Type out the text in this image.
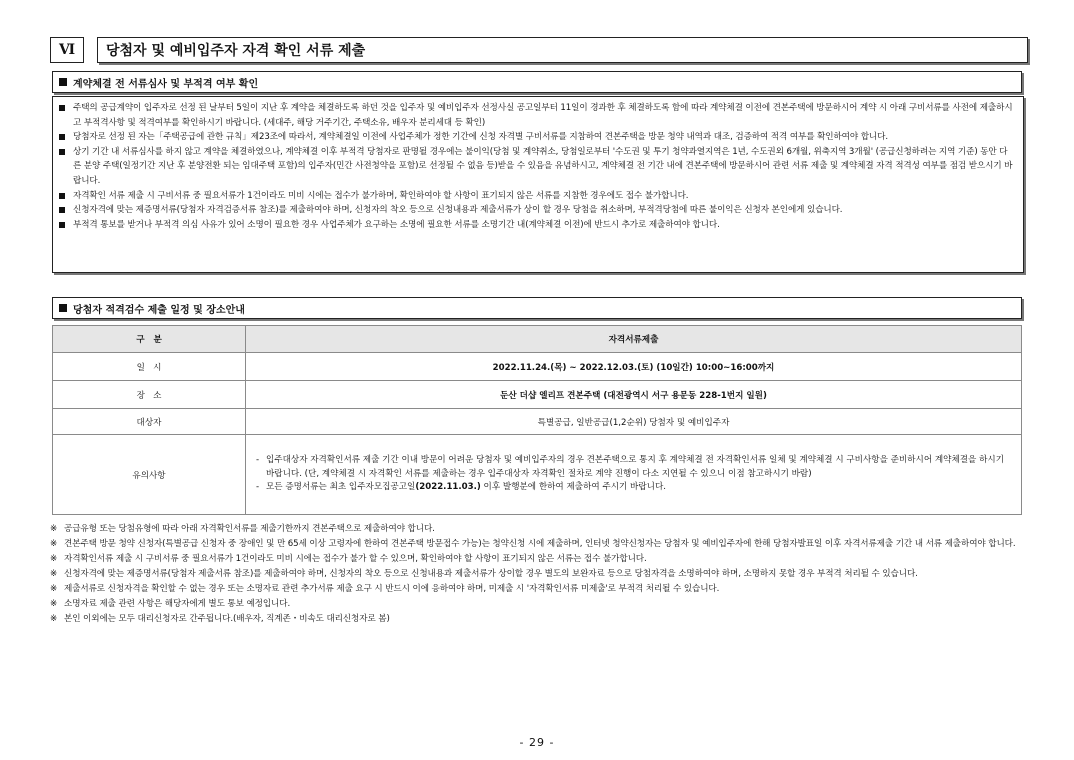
Ⅵ	당첨자 및 예비입주자 자격 확인 서류 제출
계약체결 전 서류심사 및 부적격 여부 확인
주택의 공급계약이 입주자로 선정 된 날부터 5일이 지난 후 계약을 체결하도록 하던 것을 입주자 및 예비입주자 선정사실 공고일부터 11일이 경과한 후 체결하도록 함에 따라 계약체결 이전에 견본주택에 방문하시어 계약 시 아래 구비서류를 사전에 제출하시고 부적격사항 및 적격여부를 확인하시기 바랍니다. (세대주, 해당 거주기간, 주택소유, 배우자 분리세대 등 확인)
당첨자로 선정 된 자는「주택공급에 관한 규칙」제23조에 따라서, 계약체결일 이전에 사업주체가 정한 기간에 신청 자격별 구비서류를 지참하여 견본주택을 방문 청약 내역과 대조, 검증하여 적격 여부를 확인하여야 합니다.
상기 기간 내 서류심사를 하지 않고 계약을 체결하였으나, 계약체결 이후 부적격 당첨자로 판명될 경우에는 불이익(당첨 및 계약취소, 당첨일로부터 '수도권 및 투기 청약과열지역은 1년, 수도권외 6개월, 위축지역 3개월' (공급신청하려는 지역 기준) 동안 다른 분양 주택(일정기간 지난 후 분양전환 되는 임대주택 포함)의 입주자(민간 사전청약을 포함)로 선정될 수 없음 등)받을 수 있음을 유념하시고, 계약체결 전 기간 내에 견본주택에 방문하시어 관련 서류 제출 및 계약체결 자격 적격성 여부를 점검 받으시기 바랍니다.
자격확인 서류 제출 시 구비서류 중 필요서류가 1건이라도 미비 시에는 접수가 불가하며, 확인하여야 할 사항이 표기되지 않은 서류를 지참한 경우에도 접수 불가합니다.
신청자격에 맞는 제증명서류(당첨자 자격검증서류 참조)를 제출하여야 하며, 신청자의 착오 등으로 신청내용과 제출서류가 상이 할 경우 당첨을 취소하며, 부적격당첨에 따른 불이익은 신청자 본인에게 있습니다.
부적격 통보를 받거나 부적격 의심 사유가 있어 소명이 필요한 경우 사업주체가 요구하는 소명에 필요한 서류를 소명기간 내(계약체결 이전)에 반드시 추가로 제출하여야 합니다.
당첨자 적격검수 제출 일정 및 장소안내
구   분	자격서류제출
일   시	2022.11.24.(목) ~ 2022.12.03.(토) (10일간) 10:00~16:00까지
장   소	둔산 더샵 엘리프 견본주택 (대전광역시 서구 용문동 228-1번지 일원)
대상자	특별공급, 일반공급(1,2순위) 당첨자 및 예비입주자
유의사항	- 입주대상자 자격확인서류 제출 기간 이내 방문이 어려운 당첨자 및 예비입주자의 경우 견본주택으로 통지 후 계약체결 전 자격확인서류 일체 및 계약체결 시 구비사항을 준비하시어 계약체결을 하시기 바랍니다. (단, 계약체결 시 자격확인 서류를 제출하는 경우 입주대상자 자격확인 절차로 계약 진행이 다소 지연될 수 있으니 이점 참고하시기 바람)
- 모든 증명서류는 최초 입주자모집공고일(2022.11.03.) 이후 발행분에 한하여 제출하여 주시기 바랍니다.
※ 공급유형 또는 당첨유형에 따라 아래 자격확인서류를 제출기한까지 견본주택으로 제출하여야 합니다.
※ 견본주택 방문 청약 신청자(특별공급 신청자 중 장애인 및 만 65세 이상 고령자에 한하여 견본주택 방문접수 가능)는 청약신청 시에 제출하며, 인터넷 청약신청자는 당첨자 및 예비입주자에 한해 당첨자발표일 이후 자격서류제출 기간 내 서류 제출하여야 합니다.
※ 자격확인서류 제출 시 구비서류 중 필요서류가 1건이라도 미비 시에는 접수가 불가 할 수 있으며, 확인하여야 할 사항이 표기되지 않은 서류는 접수 불가합니다.
※ 신청자격에 맞는 제증명서류(당첨자 제출서류 참조)를 제출하여야 하며, 신청자의 착오 등으로 신청내용과 제출서류가 상이할 경우 별도의 보완자료 등으로 당첨자격을 소명하여야 하며, 소명하지 못할 경우 부적격 처리될 수 있습니다.
※ 제출서류로 신청자격을 확인할 수 없는 경우 또는 소명자료 관련 추가서류 제출 요구 시 반드시 이에 응하여야 하며, 미제출 시 '자격확인서류 미제출'로 부적격 처리될 수 있습니다.
※ 소명자료 제출 관련 사항은 해당자에게 별도 통보 예정입니다.
※ 본인 이외에는 모두 대리신청자로 간주됩니다.(배우자, 직계존・비속도 대리신청자로 봄)
- 29 -
